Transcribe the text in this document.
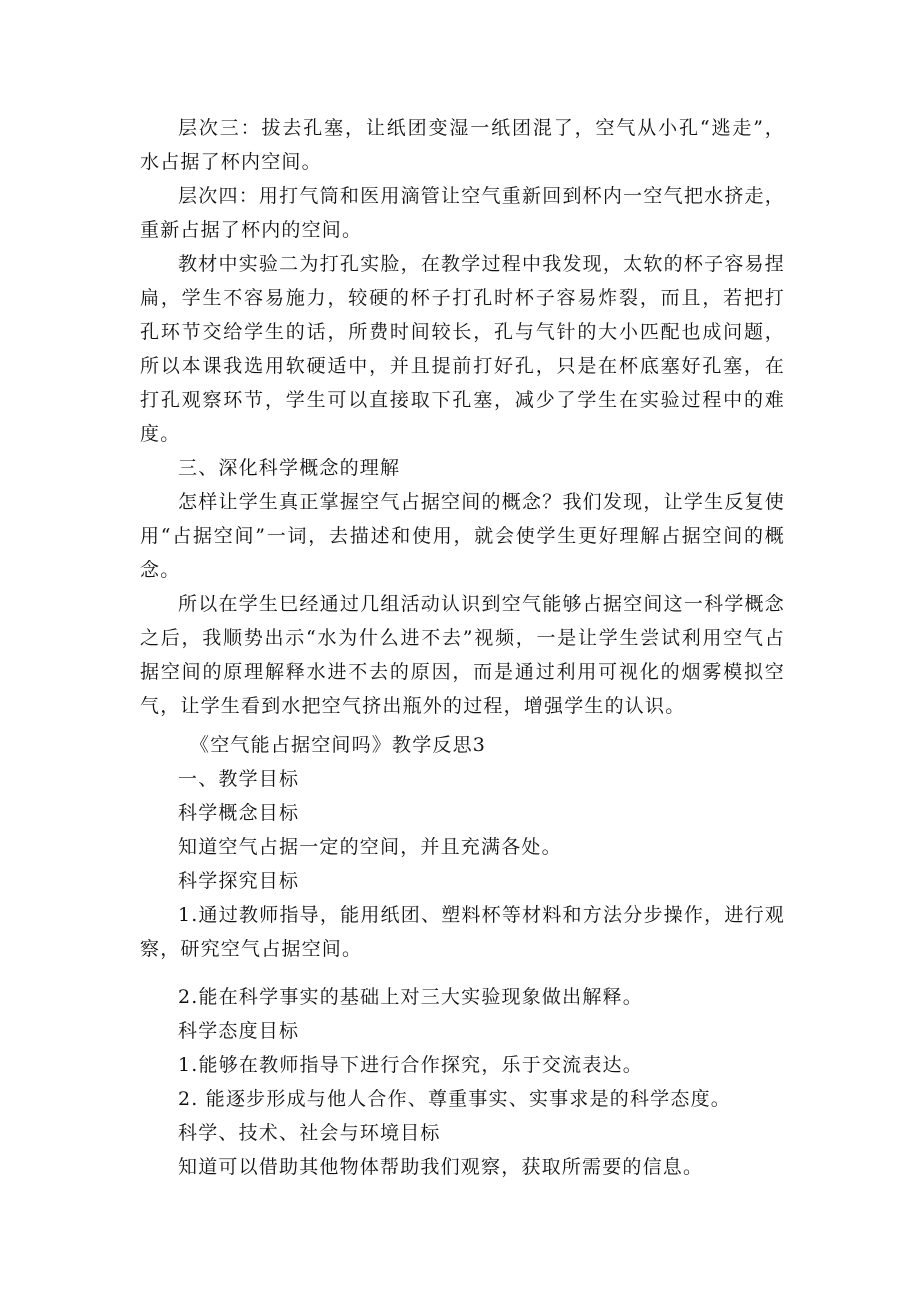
层次三：拔去孔塞，让纸团变湿一纸团混了，空气从小孔“逃走”，水占据了杯内空间。

层次四：用打气筒和医用滴管让空气重新回到杯内一空气把水挤走，重新占据了杯内的空间。

教材中实验二为打孔实脸，在教学过程中我发现，太软的杯子容易捏扁，学生不容易施力，较硬的杯子打孔时杯子容易炸裂，而且，若把打孔环节交给学生的话，所费时间较长，孔与气针的大小匹配也成问题，所以本课我选用软硬适中，并且提前打好孔，只是在杯底塞好孔塞，在打孔观察环节，学生可以直接取下孔塞，减少了学生在实验过程中的难度。

三、深化科学概念的理解

怎样让学生真正掌握空气占据空间的概念？我们发现，让学生反复使用“占据空间”一词，去描述和使用，就会使学生更好理解占据空间的概念。

所以在学生巳经通过几组活动认识到空气能够占据空间这一科学概念之后，我顺势出示“水为什么进不去”视频，一是让学生尝试利用空气占据空间的原理解释水进不去的原因，而是通过利用可视化的烟雾模拟空气，让学生看到水把空气挤出瓶外的过程，增强学生的认识。

《空气能占据空间吗》教学反思3

一、教学目标

科学概念目标

知道空气占据一定的空间，并且充满各处。

科学探究目标

1.通过教师指导，能用纸团、塑料杯等材料和方法分步操作，进行观察，研究空气占据空间。

2.能在科学事实的基础上对三大实验现象做出解释。

科学态度目标

1.能够在教师指导下进行合作探究，乐于交流表达。

2. 能逐步形成与他人合作、尊重事实、实事求是的科学态度。

科学、技术、社会与环境目标

知道可以借助其他物体帮助我们观察，获取所需要的信息。
